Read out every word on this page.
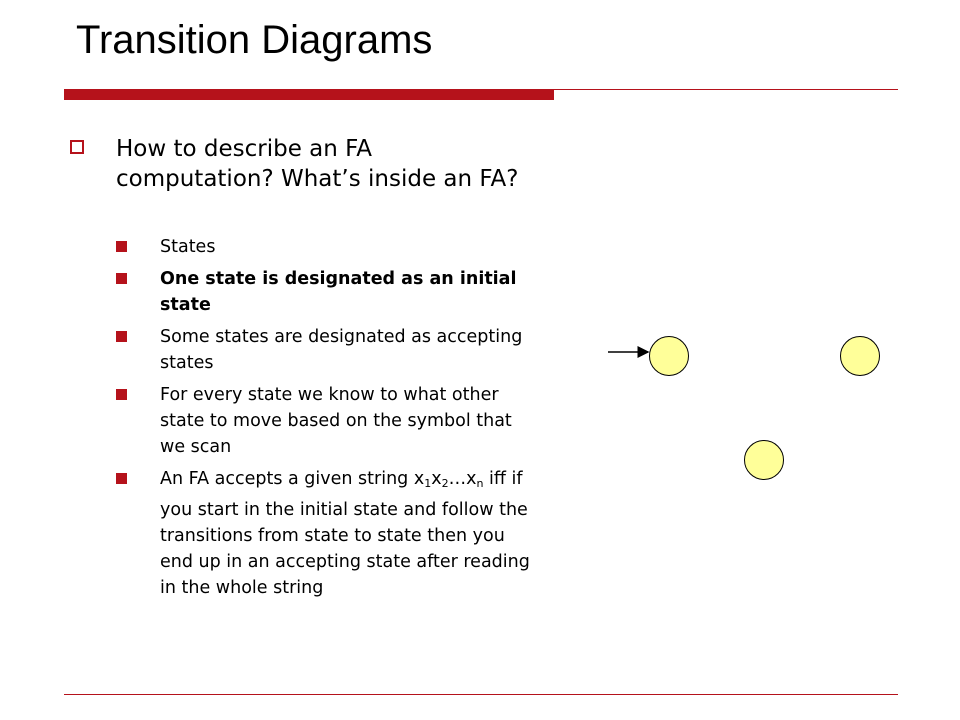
Transition Diagrams
How to describe an FA computation? What’s inside an FA?
States
One state is designated as an initial state
Some states are designated as accepting states
For every state we know to what other state to move based on the symbol that we scan
An FA accepts a given string $x_1x_2\dots x_n$ iff if you start in the initial state and follow the transitions from state to state then you end up in an accepting state after reading in the whole string
